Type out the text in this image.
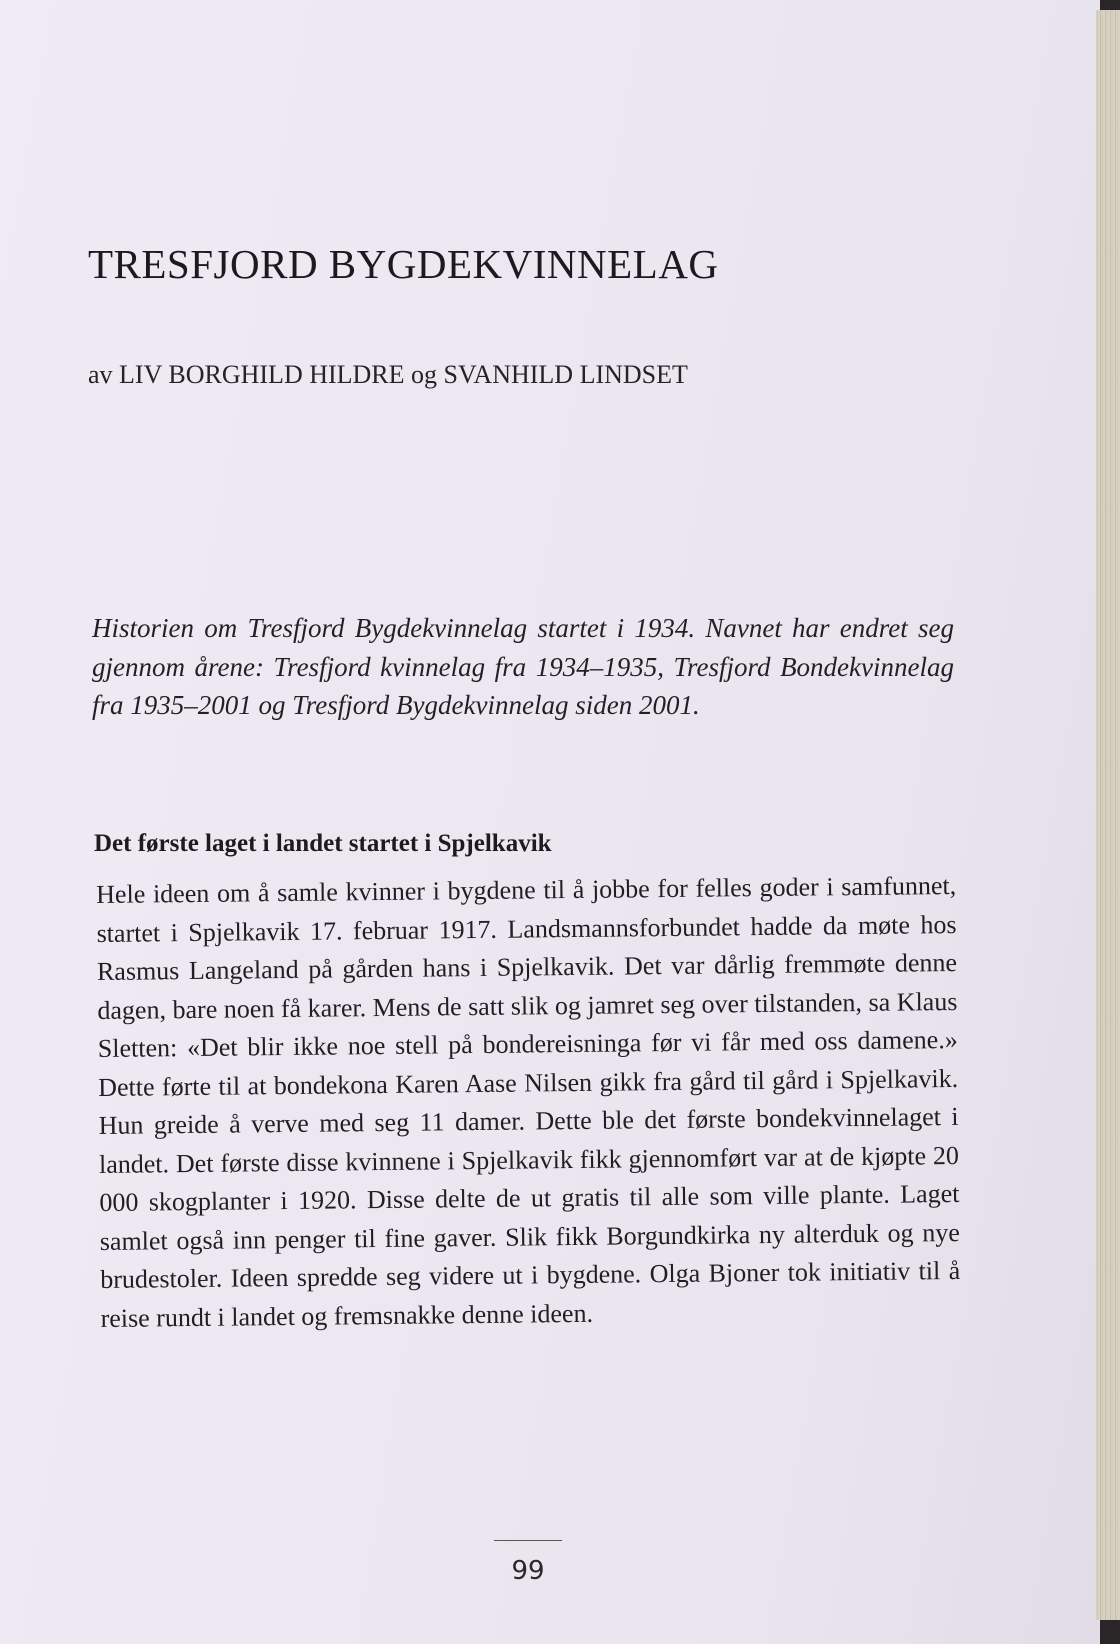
TRESFJORD BYGDEKVINNELAG

av LIV BORGHILD HILDRE og SVANHILD LINDSET

Historien om Tresfjord Bygdekvinnelag startet i 1934. Navnet har endret seg gjennom årene: Tresfjord kvinnelag fra 1934–1935, Tresfjord Bondekvinnelag fra 1935–2001 og Tresfjord Bygdekvinnelag siden 2001.

Det første laget i landet startet i Spjelkavik

Hele ideen om å samle kvinner i bygdene til å jobbe for felles goder i samfunnet, startet i Spjelkavik 17. februar 1917. Landsmannsforbundet hadde da møte hos Rasmus Langeland på gården hans i Spjelkavik. Det var dårlig fremmøte denne dagen, bare noen få karer. Mens de satt slik og jamret seg over tilstanden, sa Klaus Sletten: «Det blir ikke noe stell på bondereisninga før vi får med oss damene.» Dette førte til at bondekona Karen Aase Nilsen gikk fra gård til gård i Spjelkavik. Hun greide å verve med seg 11 damer. Dette ble det første bondekvinnelaget i landet. Det første disse kvinnene i Spjelkavik fikk gjennomført var at de kjøpte 20 000 skogplanter i 1920. Disse delte de ut gratis til alle som ville plante. Laget samlet også inn penger til fine gaver. Slik fikk Borgundkirka ny alterduk og nye brudestoler. Ideen spredde seg videre ut i bygdene. Olga Bjoner tok initiativ til å reise rundt i landet og fremsnakke denne ideen.

99
